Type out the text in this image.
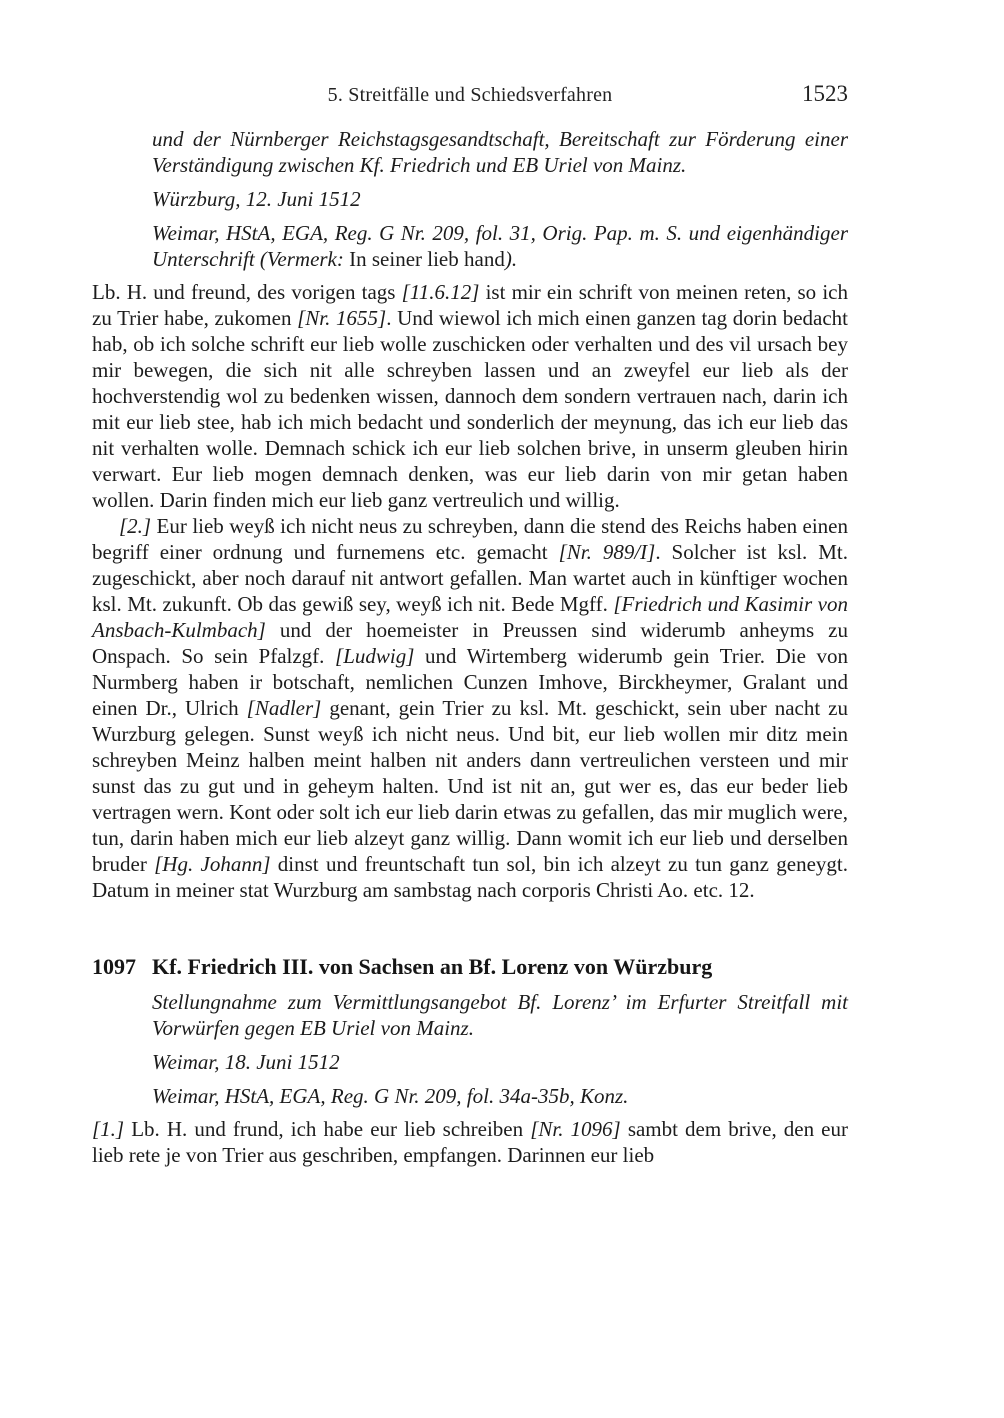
5. Streitfälle und Schiedsverfahren	1523

und der Nürnberger Reichstagsgesandtschaft, Bereitschaft zur Förderung einer Verständigung zwischen Kf. Friedrich und EB Uriel von Mainz.

Würzburg, 12. Juni 1512

Weimar, HStA, EGA, Reg. G Nr. 209, fol. 31, Orig. Pap. m. S. und eigenhändiger Unterschrift (Vermerk: In seiner lieb hand).

Lb. H. und freund, des vorigen tags [11.6.12] ist mir ein schrift von meinen reten, so ich zu Trier habe, zukomen [Nr. 1655]. Und wiewol ich mich einen ganzen tag dorin bedacht hab, ob ich solche schrift eur lieb wolle zuschicken oder verhalten und des vil ursach bey mir bewegen, die sich nit alle schreyben lassen und an zweyfel eur lieb als der hochverstendig wol zu bedenken wissen, dannoch dem sondern vertrauen nach, darin ich mit eur lieb stee, hab ich mich bedacht und sonderlich der meynung, das ich eur lieb das nit verhalten wolle. Demnach schick ich eur lieb solchen brive, in unserm gleuben hirin verwart. Eur lieb mogen demnach denken, was eur lieb darin von mir getan haben wollen. Darin finden mich eur lieb ganz vertreulich und willig.

[2.] Eur lieb weyß ich nicht neus zu schreyben, dann die stend des Reichs haben einen begriff einer ordnung und furnemens etc. gemacht [Nr. 989/I]. Solcher ist ksl. Mt. zugeschickt, aber noch darauf nit antwort gefallen. Man wartet auch in künftiger wochen ksl. Mt. zukunft. Ob das gewiß sey, weyß ich nit. Bede Mgff. [Friedrich und Kasimir von Ansbach-Kulmbach] und der hoemeister in Preussen sind widerumb anheyms zu Onspach. So sein Pfalzgf. [Ludwig] und Wirtemberg widerumb gein Trier. Die von Nurmberg haben ir botschaft, nemlichen Cunzen Imhove, Birckheymer, Gralant und einen Dr., Ulrich [Nadler] genant, gein Trier zu ksl. Mt. geschickt, sein uber nacht zu Wurzburg gelegen. Sunst weyß ich nicht neus. Und bit, eur lieb wollen mir ditz mein schreyben Meinz halben meint halben nit anders dann vertreulichen versteen und mir sunst das zu gut und in geheym halten. Und ist nit an, gut wer es, das eur beder lieb vertragen wern. Kont oder solt ich eur lieb darin etwas zu gefallen, das mir muglich were, tun, darin haben mich eur lieb alzeyt ganz willig. Dann womit ich eur lieb und derselben bruder [Hg. Johann] dinst und freuntschaft tun sol, bin ich alzeyt zu tun ganz geneygt. Datum in meiner stat Wurzburg am sambstag nach corporis Christi Ao. etc. 12.

1097 Kf. Friedrich III. von Sachsen an Bf. Lorenz von Würzburg

Stellungnahme zum Vermittlungsangebot Bf. Lorenz’ im Erfurter Streitfall mit Vorwürfen gegen EB Uriel von Mainz.

Weimar, 18. Juni 1512

Weimar, HStA, EGA, Reg. G Nr. 209, fol. 34a-35b, Konz.

[1.] Lb. H. und frund, ich habe eur lieb schreiben [Nr. 1096] sambt dem brive, den eur lieb rete je von Trier aus geschriben, empfangen. Darinnen eur lieb
